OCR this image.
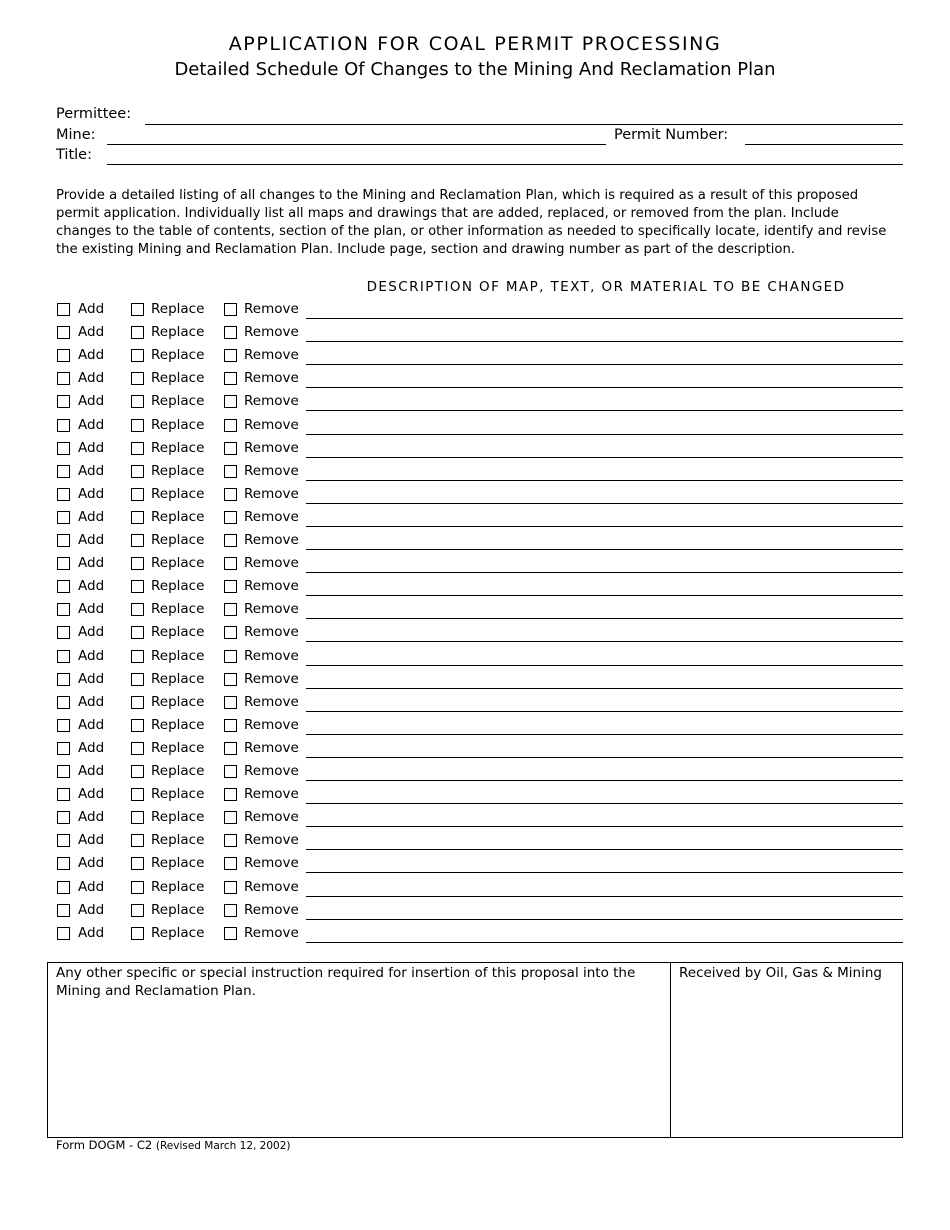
APPLICATION FOR COAL PERMIT PROCESSING
Detailed Schedule Of Changes to the Mining And Reclamation Plan
Permittee:
Mine:	Permit Number:
Title:
Provide a detailed listing of all changes to the Mining and Reclamation Plan, which is required as a result of this proposed permit application. Individually list all maps and drawings that are added, replaced, or removed from the plan. Include changes to the table of contents, section of the plan, or other information as needed to specifically locate, identify and revise the existing Mining and Reclamation Plan. Include page, section and drawing number as part of the description.
DESCRIPTION OF MAP, TEXT, OR MATERIAL TO BE CHANGED
Add	Replace	Remove
Add	Replace	Remove
Add	Replace	Remove
Add	Replace	Remove
Add	Replace	Remove
Add	Replace	Remove
Add	Replace	Remove
Add	Replace	Remove
Add	Replace	Remove
Add	Replace	Remove
Add	Replace	Remove
Add	Replace	Remove
Add	Replace	Remove
Add	Replace	Remove
Add	Replace	Remove
Add	Replace	Remove
Add	Replace	Remove
Add	Replace	Remove
Add	Replace	Remove
Add	Replace	Remove
Add	Replace	Remove
Add	Replace	Remove
Add	Replace	Remove
Add	Replace	Remove
Add	Replace	Remove
Add	Replace	Remove
Add	Replace	Remove
Add	Replace	Remove
Any other specific or special instruction required for insertion of this proposal into the Mining and Reclamation Plan.
Received by Oil, Gas & Mining
Form DOGM - C2 (Revised March 12, 2002)
